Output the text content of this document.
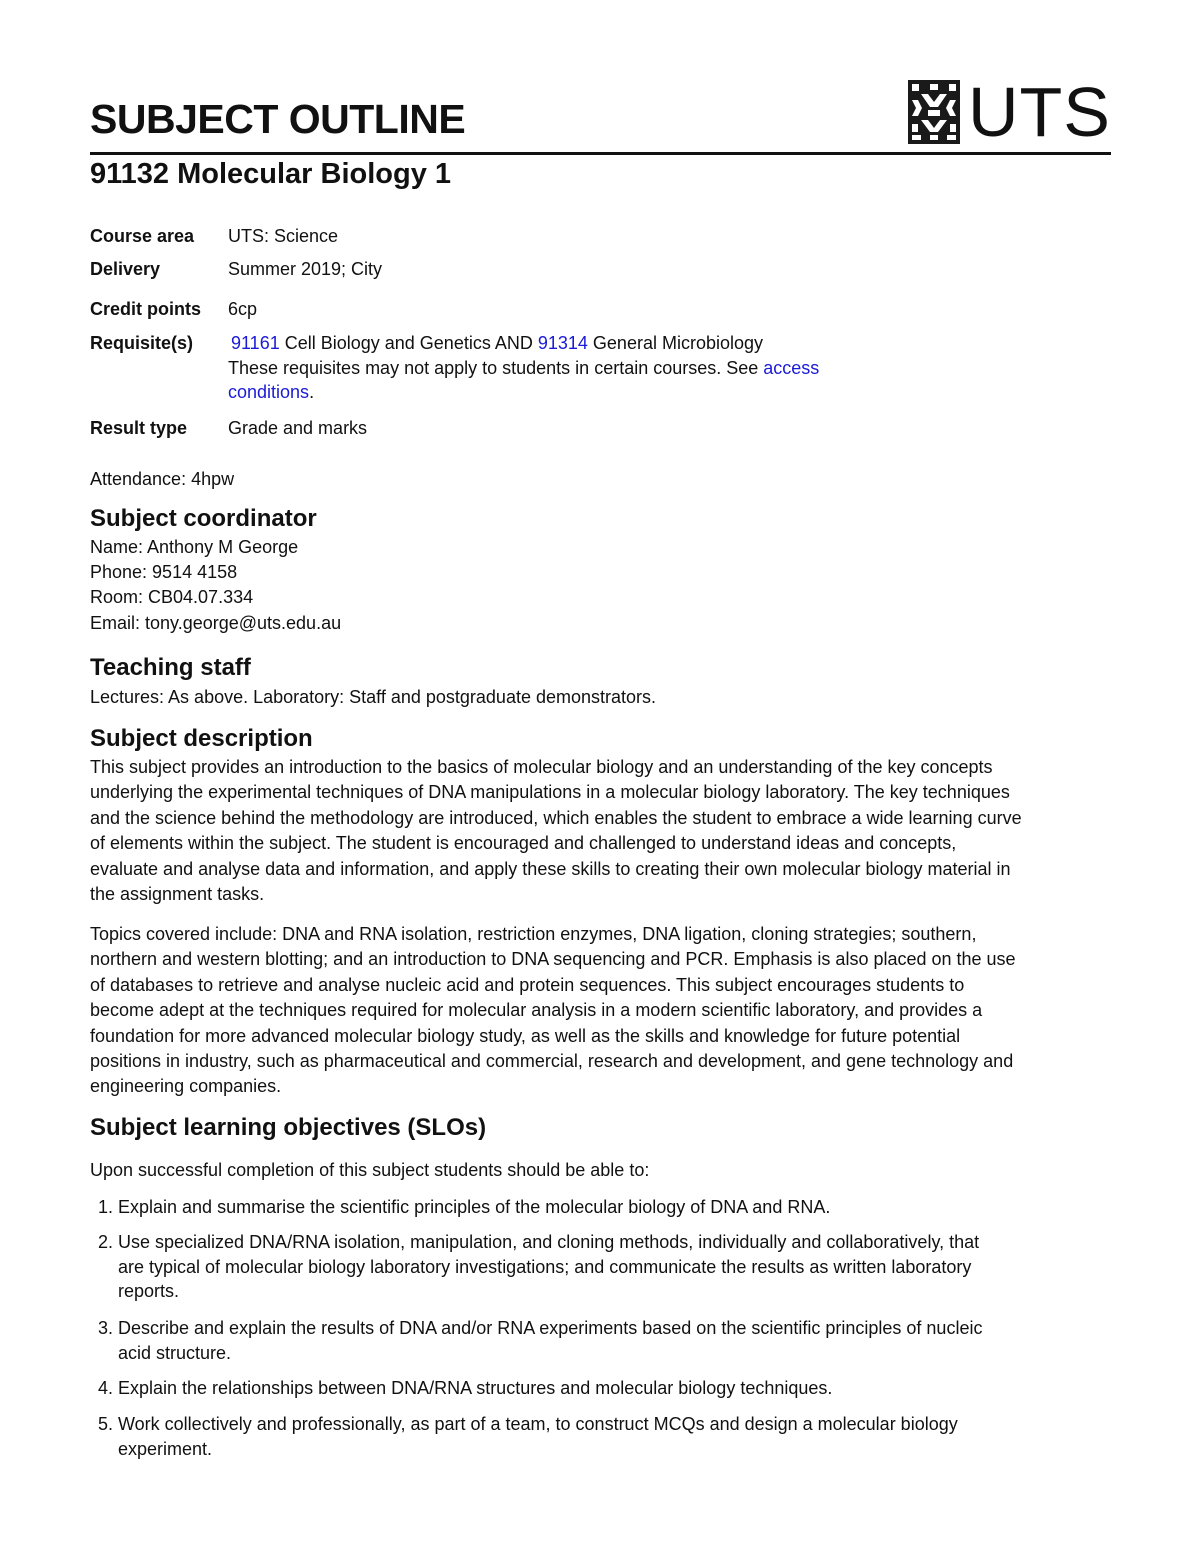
SUBJECT OUTLINE	UTS
91132 Molecular Biology 1
Course area UTS: Science
Delivery	Summer 2019; City
Credit points 6cp
Requisite(s) 91161 Cell Biology and Genetics AND 91314 General Microbiology
These requisites may not apply to students in certain courses. See access
conditions.
Result type Grade and marks

Attendance: 4hpw

Subject coordinator

Name: Anthony M George

Phone: 9514 4158

Room: CB04.07.334

Email: tony.george@uts.edu.au

Teaching staff

Lectures: As above. Laboratory: Staff and postgraduate demonstrators.

Subject description
This subject provides an introduction to the basics of molecular biology and an understanding of the key concepts
underlying the experimental techniques of DNA manipulations in a molecular biology laboratory. The key techniques
and the science behind the methodology are introduced, which enables the student to embrace a wide learning curve
of elements within the subject. The student is encouraged and challenged to understand ideas and concepts,
evaluate and analyse data and information, and apply these skills to creating their own molecular biology material in
the assignment tasks.
Topics covered include: DNA and RNA isolation, restriction enzymes, DNA ligation, cloning strategies; southern,
northern and western blotting; and an introduction to DNA sequencing and PCR. Emphasis is also placed on the use
of databases to retrieve and analyse nucleic acid and protein sequences. This subject encourages students to
become adept at the techniques required for molecular analysis in a modern scientific laboratory, and provides a
foundation for more advanced molecular biology study, as well as the skills and knowledge for future potential
positions in industry, such as pharmaceutical and commercial, research and development, and gene technology and
engineering companies.
Subject learning objectives (SLOs)

Upon successful completion of this subject students should be able to:

1. Explain and summarise the scientific principles of the molecular biology of DNA and RNA.
2. Use specialized DNA/RNA isolation, manipulation, and cloning methods, individually and collaboratively, that
are typical of molecular biology laboratory investigations; and communicate the results as written laboratory
reports.
3. Describe and explain the results of DNA and/or RNA experiments based on the scientific principles of nucleic
acid structure.
4. Explain the relationships between DNA/RNA structures and molecular biology techniques.
5. Work collectively and professionally, as part of a team, to construct MCQs and design a molecular biology
experiment.
